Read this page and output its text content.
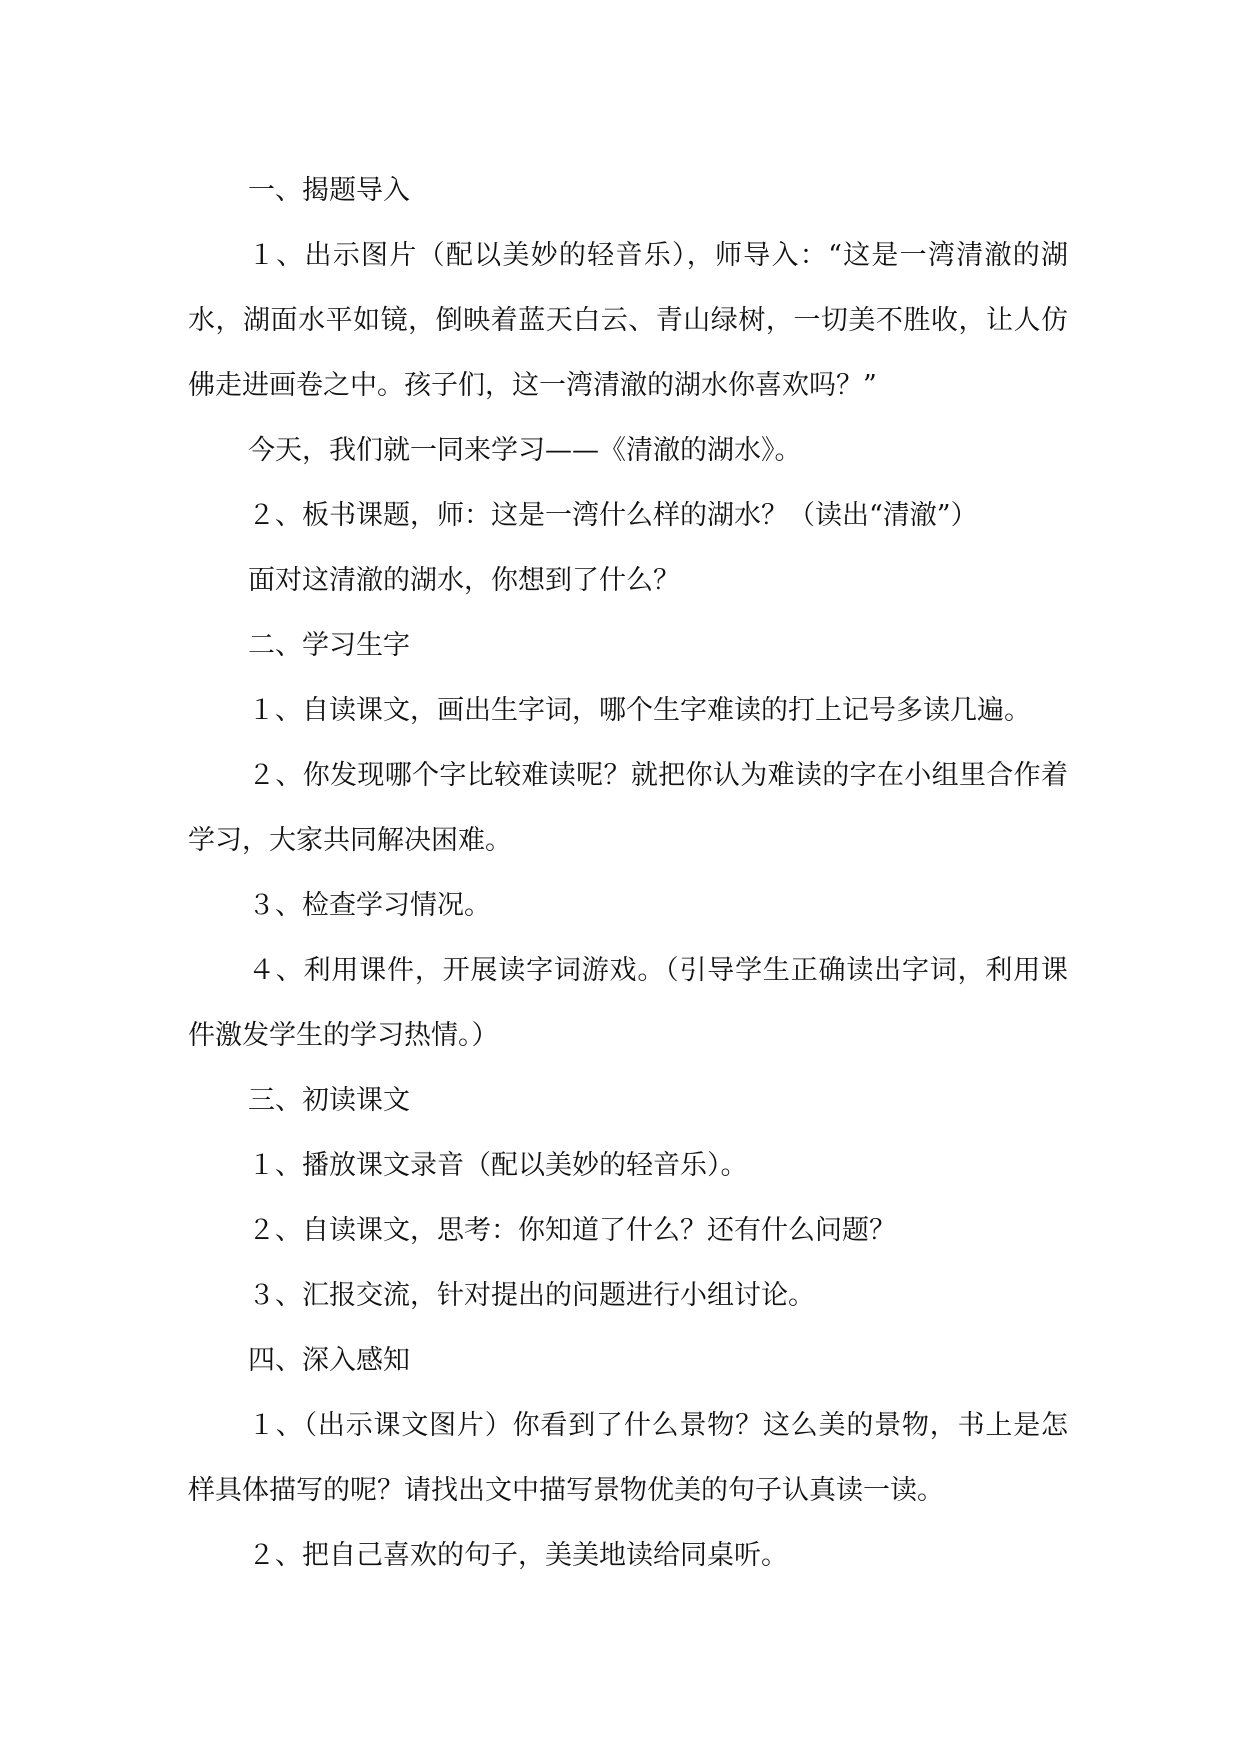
一、揭题导入

１、出示图片（配以美妙的轻音乐），师导入：“这是一湾清澈的湖水，湖面水平如镜，倒映着蓝天白云、青山绿树，一切美不胜收，让人仿佛走进画卷之中。孩子们，这一湾清澈的湖水你喜欢吗？”

今天，我们就一同来学习——《清澈的湖水》。

２、板书课题，师：这是一湾什么样的湖水？（读出“清澈”）

面对这清澈的湖水，你想到了什么？

二、学习生字

１、自读课文，画出生字词，哪个生字难读的打上记号多读几遍。

２、你发现哪个字比较难读呢？就把你认为难读的字在小组里合作着学习，大家共同解决困难。

３、检查学习情况。

４、利用课件，开展读字词游戏。（引导学生正确读出字词，利用课件激发学生的学习热情。）

三、初读课文

１、播放课文录音（配以美妙的轻音乐）。

２、自读课文，思考：你知道了什么？还有什么问题？

３、汇报交流，针对提出的问题进行小组讨论。

四、深入感知

１、（出示课文图片）你看到了什么景物？这么美的景物，书上是怎样具体描写的呢？请找出文中描写景物优美的句子认真读一读。

２、把自己喜欢的句子，美美地读给同桌听。
